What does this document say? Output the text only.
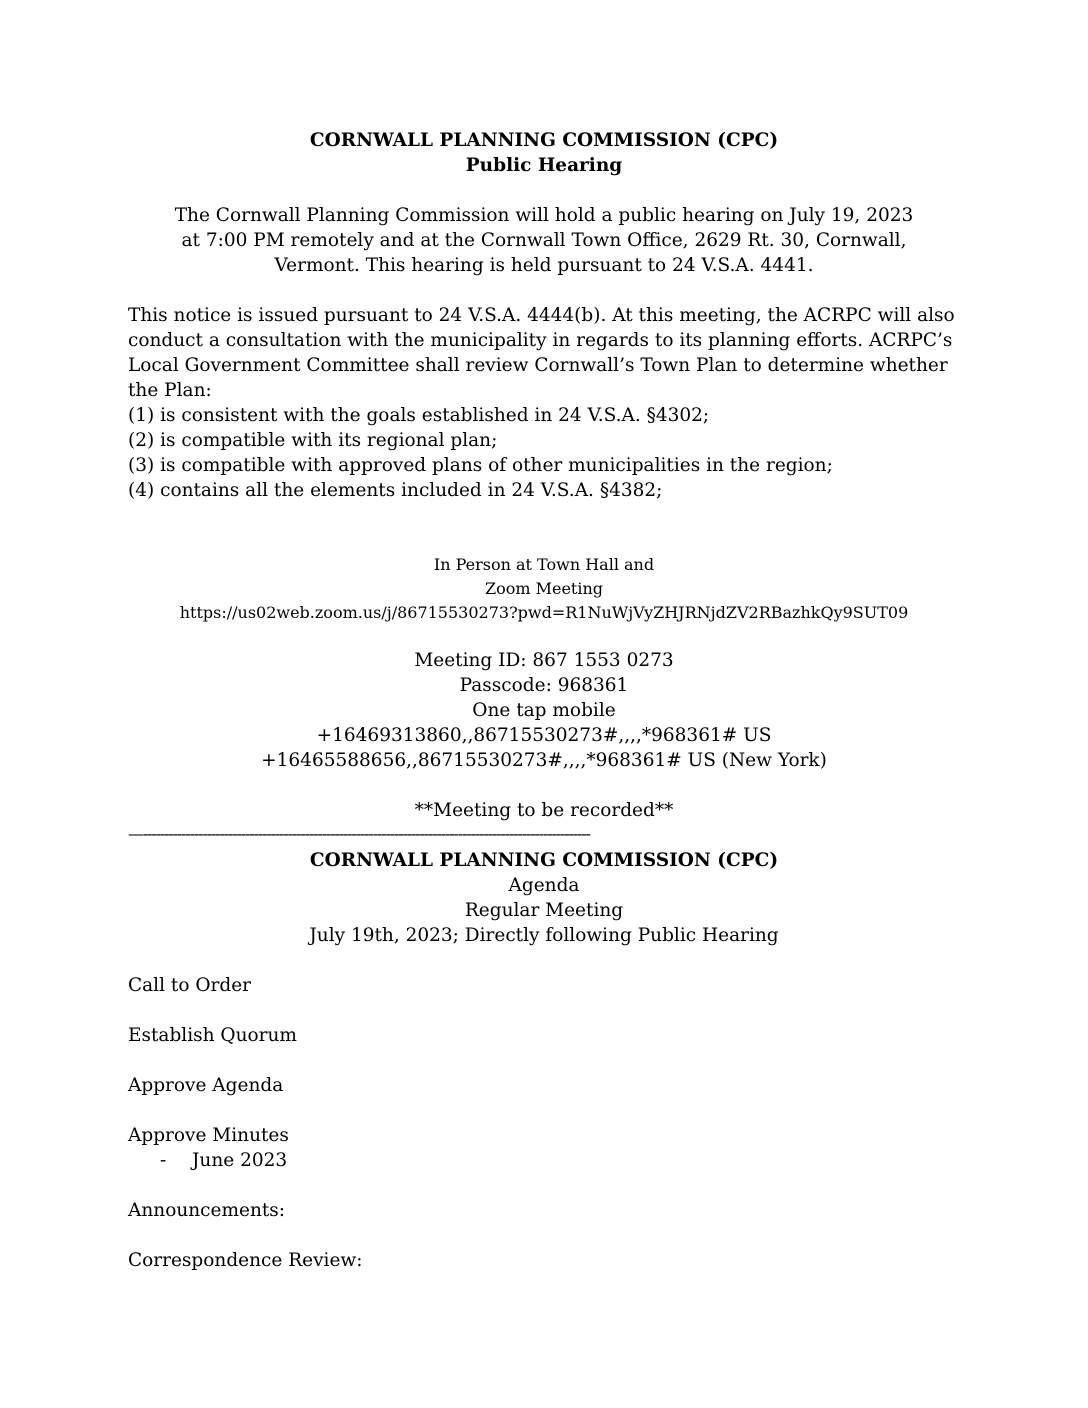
CORNWALL PLANNING COMMISSION (CPC)
Public Hearing
The Cornwall Planning Commission will hold a public hearing on July 19, 2023
at 7:00 PM remotely and at the Cornwall Town Office, 2629 Rt. 30, Cornwall,
Vermont. This hearing is held pursuant to 24 V.S.A. 4441.
This notice is issued pursuant to 24 V.S.A. 4444(b). At this meeting, the ACRPC will also
conduct a consultation with the municipality in regards to its planning efforts. ACRPC’s
Local Government Committee shall review Cornwall’s Town Plan to determine whether
the Plan:
(1) is consistent with the goals established in 24 V.S.A. §4302;
(2) is compatible with its regional plan;
(3) is compatible with approved plans of other municipalities in the region;
(4) contains all the elements included in 24 V.S.A. §4382;
In Person at Town Hall and
Zoom Meeting
https://us02web.zoom.us/j/86715530273?pwd=R1NuWjVyZHJRNjdZV2RBazhkQy9SUT09
Meeting ID: 867 1553 0273
Passcode: 968361
One tap mobile
+16469313860,,86715530273#,,,,*968361# US
+16465588656,,86715530273#,,,,*968361# US (New York)
**Meeting to be recorded**
—---------------------------------------------------------------------------------------------------------
CORNWALL PLANNING COMMISSION (CPC)
Agenda
Regular Meeting
July 19th, 2023; Directly following Public Hearing
Call to Order
Establish Quorum
Approve Agenda
Approve Minutes
-	June 2023
Announcements:
Correspondence Review:
